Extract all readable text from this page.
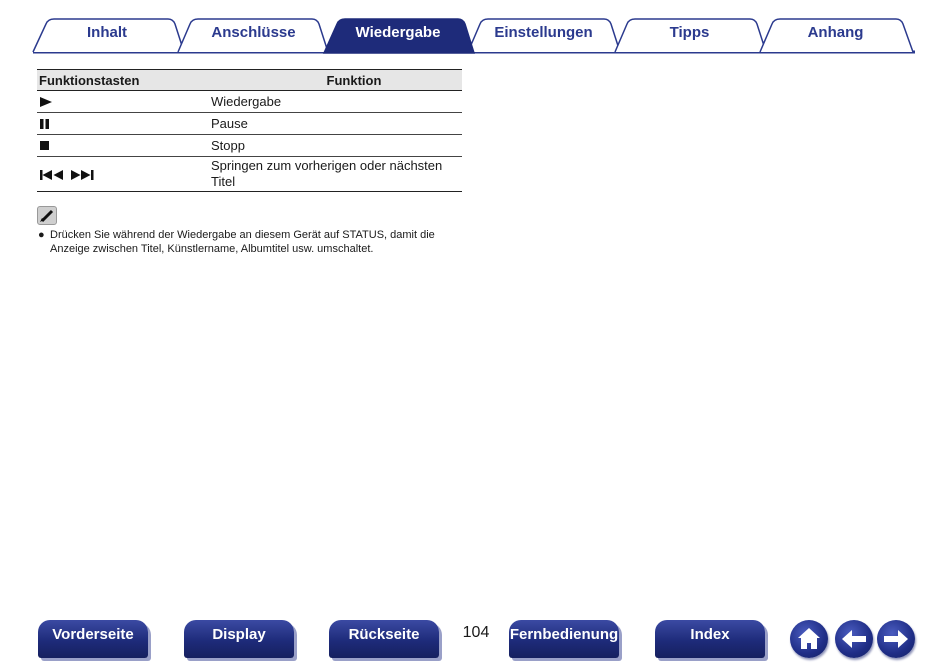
Inhalt	Anschlüsse	Wiedergabe	Einstellungen	Tipps	Anhang
Funktionstasten	Funktion
	Wiedergabe
	Pause
	Stopp
	Springen zum vorherigen oder nächsten Titel
● Drücken Sie während der Wiedergabe an diesem Gerät auf STATUS, damit die Anzeige zwischen Titel, Künstlername, Albumtitel usw. umschaltet.
Vorderseite	Display	Rückseite	104	Fernbedienung	Index
